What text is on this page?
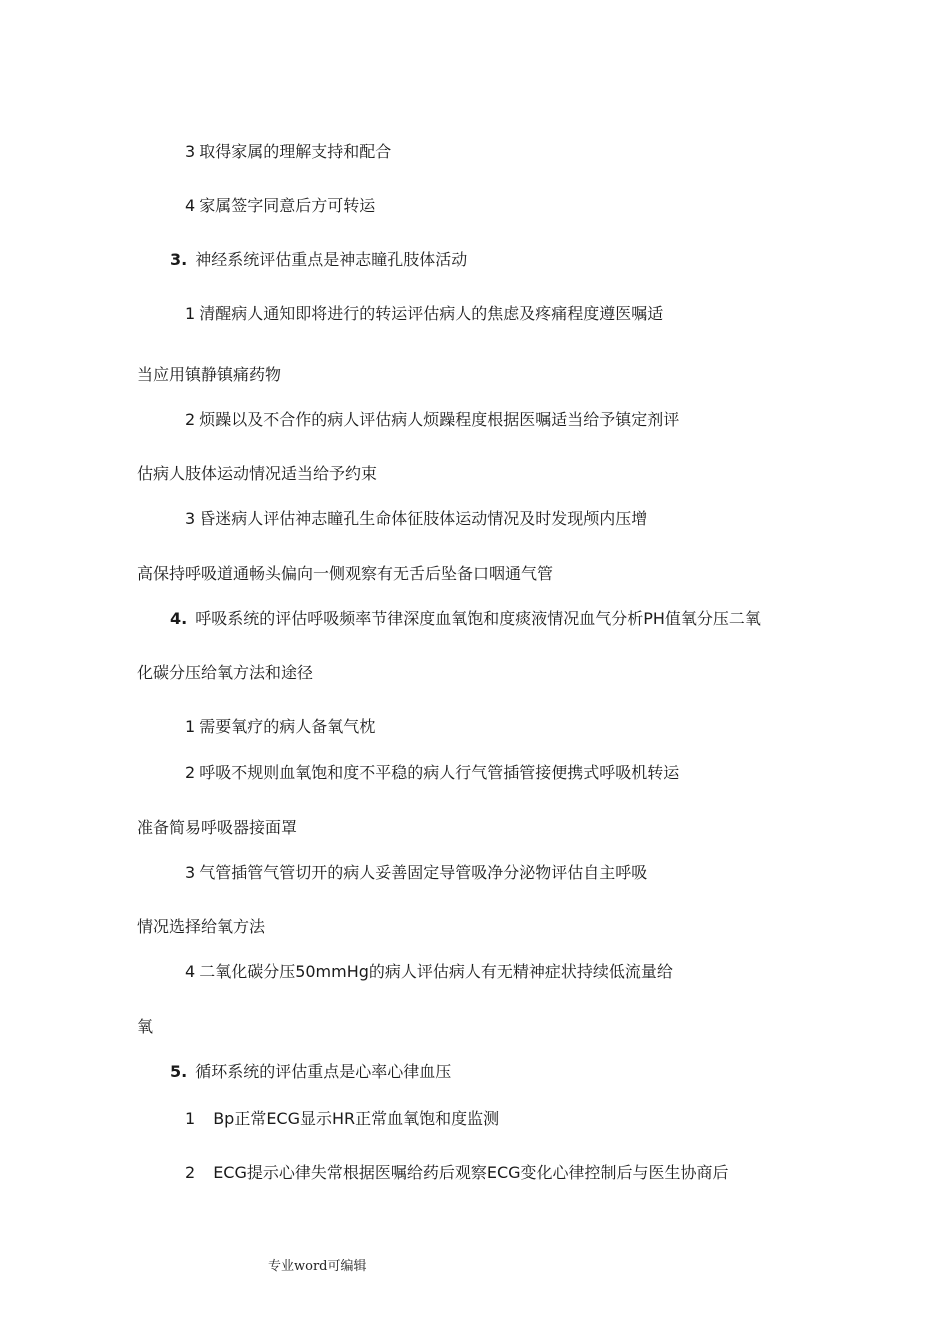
3 取得家属的理解支持和配合

4 家属签字同意后方可转运

3. 神经系统评估重点是神志瞳孔肢体活动

1 清醒病人通知即将进行的转运评估病人的焦虑及疼痛程度遵医嘱适

当应用镇静镇痛药物

2 烦躁以及不合作的病人评估病人烦躁程度根据医嘱适当给予镇定剂评

估病人肢体运动情况适当给予约束

3 昏迷病人评估神志瞳孔生命体征肢体运动情况及时发现颅内压增

高保持呼吸道通畅头偏向一侧观察有无舌后坠备口咽通气管

4. 呼吸系统的评估呼吸频率节律深度血氧饱和度痰液情况血气分析PH值氧分压二氧

化碳分压给氧方法和途径

1 需要氧疗的病人备氧气枕

2 呼吸不规则血氧饱和度不平稳的病人行气管插管接便携式呼吸机转运

准备简易呼吸器接面罩

3 气管插管气管切开的病人妥善固定导管吸净分泌物评估自主呼吸

情况选择给氧方法

4 二氧化碳分压50mmHg的病人评估病人有无精神症状持续低流量给

氧

5. 循环系统的评估重点是心率心律血压

1 Bp正常ECG显示HR正常血氧饱和度监测

2 ECG提示心律失常根据医嘱给药后观察ECG变化心律控制后与医生协商后

专业word可编辑
